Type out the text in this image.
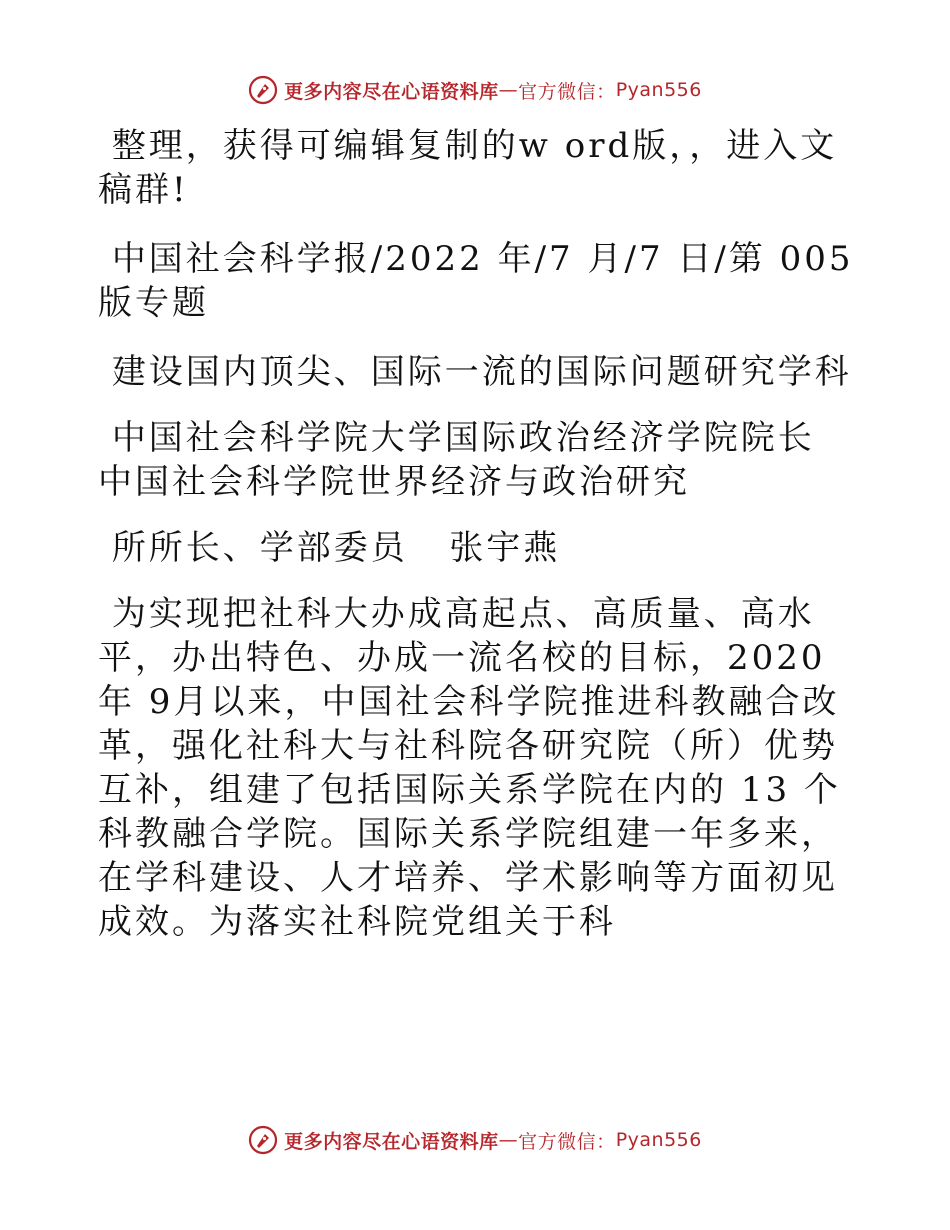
更多内容尽在心语资料库 — 官方微信： Pyan556

整理，获得可编辑复制的w ord版，，进入文稿群!

中国社会科学报/2022 年/7 月/7 日/第 005 版专题

建设国内顶尖、国际一流的国际问题研究学科

中国社会科学院大学国际政治经济学院院长 中国社会科学院世界经济与政治研究

所所长、学部委员   张宇燕

为实现把社科大办成高起点、高质量、高水平，办出特色、办成一流名校的目标，2020 年 9月以来，中国社会科学院推进科教融合改革，强化社科大与社科院各研究院（所）优势互补，组建了包括国际关系学院在内的 13 个科教融合学院。国际关系学院组建一年多来，在学科建设、人才培养、学术影响等方面初见成效。为落实社科院党组关于科

更多内容尽在心语资料库 — 官方微信： Pyan556
